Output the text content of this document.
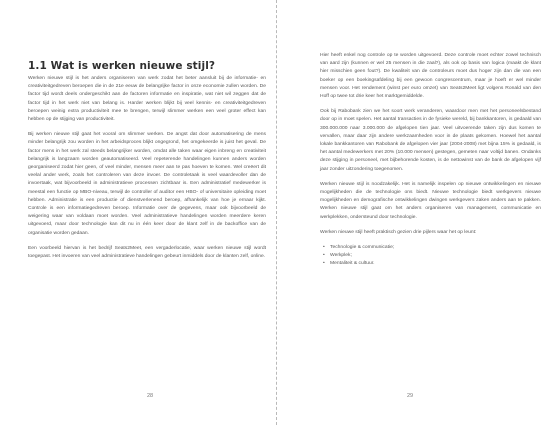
1.1 Wat is werken nieuwe stijl?

Werken nieuwe stijl is het anders organiseren van werk zodat het beter aansluit bij de informatie- en creativiteitgedreven beroepen die in de 21e eeuw de belangrijke factor in onze economie zullen worden. De factor tijd wordt deels ondergeschikt aan de factoren informatie en inspiratie, wat niet wil zeggen dat de factor tijd in het werk niet van belang is. Harder werken blijkt bij veel kennis- en creativiteitgedreven beroepen weinig extra productiviteit mee te brengen, terwijl slimmer werken een veel groter effect kan hebben op de stijging van productiviteit.

Bij werken nieuwe stijl gaat het vooral om slimmer werken. De angst dat door automatisering de mens minder belangrijk zou worden in het arbeidsproces blijkt ongegrond, het omgekeerde is juist het geval. De factor mens in het werk zal steeds belangrijker worden, omdat alle taken waar eigen inbreng en creativiteit belangrijk is langzaam worden geautomatiseerd. Veel repeterende handelingen kunnen anders worden georganiseerd zodat hier geen, of veel minder, mensen meer aan te pas hoeven te komen. Wel creëert dit veelal ander werk, zoals het controleren van deze invoer. De controletaak is veel waardevoller dan de invoertaak, wat bijvoorbeeld in administratieve processen zichtbaar is. Een administratief medewerker is meestal een functie op MBO-niveau, terwijl de controller of auditor een HBO- of universitaire opleiding moet hebben. Administratie is een productie of dienstverlenend beroep, afhankelijk van hoe je ernaar kijkt. Controle is een informatiegedreven beroep. Informatie over de gegevens, maar ook bijvoorbeeld de weigering waar van voldaan moet worden. Veel administratieve handelingen worden meerdere keren uitgevoerd, maar door technologie kan dit nu in één keer door de klant zelf in de backoffice van de organisatie worden gedaan.

Een voorbeeld hiervan is het bedrijf Seats2Meet, een vergaderlocatie, waar werken nieuwe stijl wordt toegepast. Het invoeren van veel administratieve handelingen gebeurt inmiddels door de klanten zelf, online.

28

Hier heeft enkel nog controle op te worden uitgevoerd. Deze controle moet echter zowel technisch van aard zijn (kunnen er wel 25 mensen in die zaal?), als ook op basis van logica (maakt de klant hier misschien geen fout?). De kwaliteit van de controleurs moet dus hoger zijn dan die van een boeker op een boekingsafdeling bij een gewoon congrescentrum, maar je hoeft er wel minder mensen voor. Het rendement (winst per euro omzet) van Seats2Meet ligt volgens Ronald van den Hoff op twee tot drie keer het marktgemiddelde.

Ook bij Rabobank zien we het soort werk veranderen, waardoor men met het personeelsbestand door op in moet spelen. Het aantal transacties in de fysieke wereld, bij bankkantoren, is gedaald van 300.000.000 naar 3.000.000 de afgelopen tien jaar. Veel uitvoerende taken zijn dus komen te vervallen, maar daar zijn andere werkzaamheden voor in de plaats gekomen. Hoewel het aantal lokale bankkantoren van Rabobank de afgelopen vier jaar (2004-2008) met bijna 15% is gedaald, is het aantal medewerkers met 20% (10.000 mensen) gestegen, gemeten naar voltijd banen. Ondanks deze stijging in personeel, met bijbehorende kosten, is de nettowinst van de bank de afgelopen vijf jaar zonder uitzondering toegenomen.

Werken nieuwe stijl is noodzakelijk. Het is namelijk inspelen op nieuwe ontwikkelingen en nieuwe mogelijkheden die de technologie ons biedt. Nieuwe technologie biedt werkgevers nieuwe mogelijkheden en demografische ontwikkelingen dwingen werkgevers zaken anders aan te pakken. Werken nieuwe stijl gaat om het anders organiseren van management, communicatie en werkplekken, ondersteund door technologie.

Werken nieuwe stijl heeft praktisch gezien drie pijlers waar het op leunt:

• Technologie & communicatie;
• Werkplek;
• Mentaliteit & cultuur.
29
